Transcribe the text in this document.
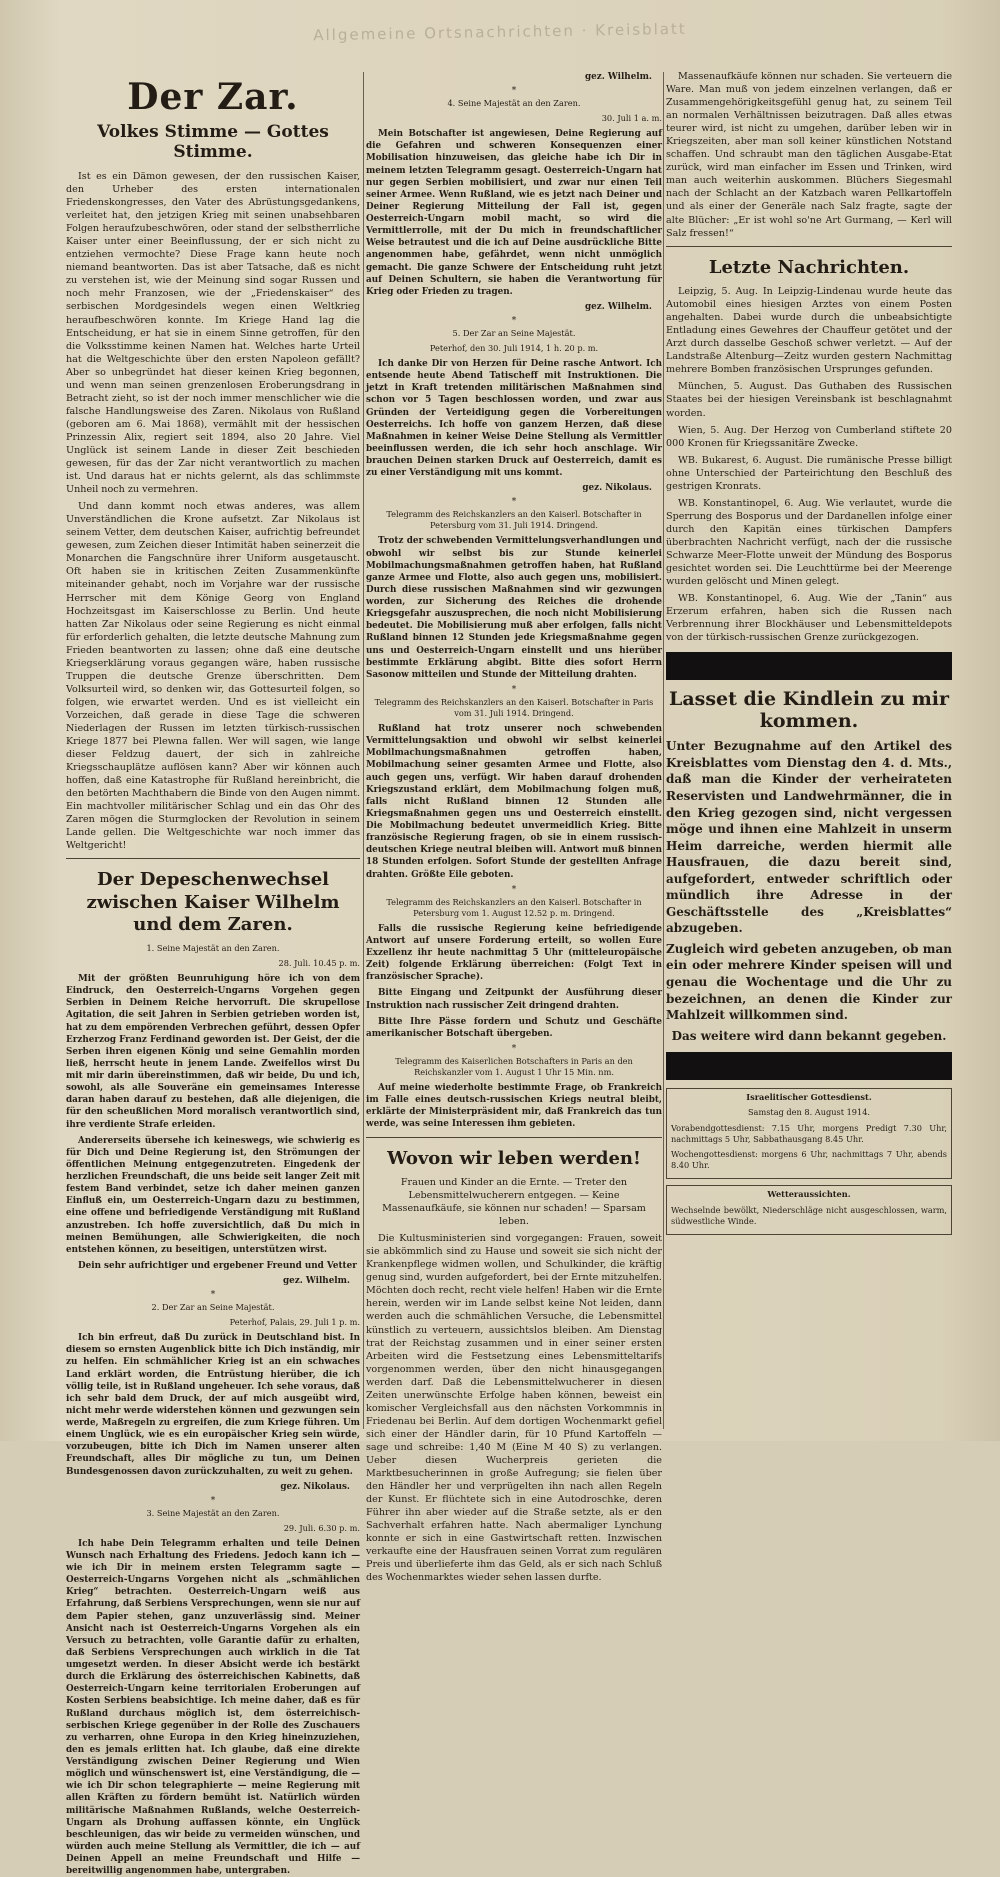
Allgemeine Ortsnachrichten · Kreisblatt
Der Zar.
Volkes Stimme — Gottes Stimme.

Ist es ein Dämon gewesen, der den russischen Kaiser, den Urheber des ersten internationalen Friedenskongresses, den Vater des Abrüstungsgedankens, verleitet hat, den jetzigen Krieg mit seinen unabsehbaren Folgen heraufzubeschwören, oder stand der selbstherrliche Kaiser unter einer Beeinflussung, der er sich nicht zu entziehen vermochte? Diese Frage kann heute noch niemand beantworten. Das ist aber Tatsache, daß es nicht zu verstehen ist, wie der Meinung sind sogar Russen und noch mehr Franzosen, wie der „Friedenskaiser“ des serbischen Mordgesindels wegen einen Weltkrieg heraufbeschwören konnte. Im Kriege Hand lag die Entscheidung, er hat sie in einem Sinne getroffen, für den die Volksstimme keinen Namen hat. Welches harte Urteil hat die Weltgeschichte über den ersten Napoleon gefällt? Aber so unbegründet hat dieser keinen Krieg begonnen, und wenn man seinen grenzenlosen Eroberungsdrang in Betracht zieht, so ist der noch immer menschlicher wie die falsche Handlungsweise des Zaren. Nikolaus von Rußland (geboren am 6. Mai 1868), vermählt mit der hessischen Prinzessin Alix, regiert seit 1894, also 20 Jahre. Viel Unglück ist seinem Lande in dieser Zeit beschieden gewesen, für das der Zar nicht verantwortlich zu machen ist. Und daraus hat er nichts gelernt, als das schlimmste Unheil noch zu vermehren.

Und dann kommt noch etwas anderes, was allem Unverständlichen die Krone aufsetzt. Zar Nikolaus ist seinem Vetter, dem deutschen Kaiser, aufrichtig befreundet gewesen, zum Zeichen dieser Intimität haben seinerzeit die Monarchen die Fangschnüre ihrer Uniform ausgetauscht. Oft haben sie in kritischen Zeiten Zusammenkünfte miteinander gehabt, noch im Vorjahre war der russische Herrscher mit dem Könige Georg von England Hochzeitsgast im Kaiserschlosse zu Berlin. Und heute hatten Zar Nikolaus oder seine Regierung es nicht einmal für erforderlich gehalten, die letzte deutsche Mahnung zum Frieden beantworten zu lassen; ohne daß eine deutsche Kriegserklärung voraus gegangen wäre, haben russische Truppen die deutsche Grenze überschritten. Dem Volksurteil wird, so denken wir, das Gottesurteil folgen, so folgen, wie erwartet werden. Und es ist vielleicht ein Vorzeichen, daß gerade in diese Tage die schweren Niederlagen der Russen im letzten türkisch-russischen Kriege 1877 bei Plewna fallen. Wer will sagen, wie lange dieser Feldzug dauert, der sich in zahlreiche Kriegsschauplätze auflösen kann? Aber wir können auch hoffen, daß eine Katastrophe für Rußland hereinbricht, die den betörten Machthabern die Binde von den Augen nimmt. Ein machtvoller militärischer Schlag und ein das Ohr des Zaren mögen die Sturmglocken der Revolution in seinem Lande gellen. Die Weltgeschichte war noch immer das Weltgericht!

Der Depeschenwechsel zwischen Kaiser Wilhelm und dem Zaren.

1. Seine Majestät an den Zaren.

28. Juli. 10.45 p. m.

Mit der größten Beunruhigung höre ich von dem Eindruck, den Oesterreich-Ungarns Vorgehen gegen Serbien in Deinem Reiche hervorruft. Die skrupellose Agitation, die seit Jahren in Serbien getrieben worden ist, hat zu dem empörenden Verbrechen geführt, dessen Opfer Erzherzog Franz Ferdinand geworden ist. Der Geist, der die Serben ihren eigenen König und seine Gemahlin morden ließ, herrscht heute in jenem Lande. Zweifellos wirst Du mit mir darin übereinstimmen, daß wir beide, Du und ich, sowohl, als alle Souveräne ein gemeinsames Interesse daran haben darauf zu bestehen, daß alle diejenigen, die für den scheußlichen Mord moralisch verantwortlich sind, ihre verdiente Strafe erleiden.

Andererseits übersehe ich keineswegs, wie schwierig es für Dich und Deine Regierung ist, den Strömungen der öffentlichen Meinung entgegenzutreten. Eingedenk der herzlichen Freundschaft, die uns beide seit langer Zeit mit festem Band verbindet, setze ich daher meinen ganzen Einfluß ein, um Oesterreich-Ungarn dazu zu bestimmen, eine offene und befriedigende Verständigung mit Rußland anzustreben. Ich hoffe zuversichtlich, daß Du mich in meinen Bemühungen, alle Schwierigkeiten, die noch entstehen können, zu beseitigen, unterstützen wirst.

Dein sehr aufrichtiger und ergebener Freund und Vetter

gez. Wilhelm.
*

2. Der Zar an Seine Majestät.

Peterhof, Palais, 29. Juli 1 p. m.

Ich bin erfreut, daß Du zurück in Deutschland bist. In diesem so ernsten Augenblick bitte ich Dich inständig, mir zu helfen. Ein schmählicher Krieg ist an ein schwaches Land erklärt worden, die Entrüstung hierüber, die ich völlig teile, ist in Rußland ungeheuer. Ich sehe voraus, daß ich sehr bald dem Druck, der auf mich ausgeübt wird, nicht mehr werde widerstehen können und gezwungen sein werde, Maßregeln zu ergreifen, die zum Kriege führen. Um einem Unglück, wie es ein europäischer Krieg sein würde, vorzubeugen, bitte ich Dich im Namen unserer alten Freundschaft, alles Dir mögliche zu tun, um Deinen Bundesgenossen davon zurückzuhalten, zu weit zu gehen.

gez. Nikolaus.
*

3. Seine Majestät an den Zaren.

29. Juli. 6.30 p. m.

Ich habe Dein Telegramm erhalten und teile Deinen Wunsch nach Erhaltung des Friedens. Jedoch kann ich — wie ich Dir in meinem ersten Telegramm sagte — Oesterreich-Ungarns Vorgehen nicht als „schmählichen Krieg“ betrachten. Oesterreich-Ungarn weiß aus Erfahrung, daß Serbiens Versprechungen, wenn sie nur auf dem Papier stehen, ganz unzuverlässig sind. Meiner Ansicht nach ist Oesterreich-Ungarns Vorgehen als ein Versuch zu betrachten, volle Garantie dafür zu erhalten, daß Serbiens Versprechungen auch wirklich in die Tat umgesetzt werden. In dieser Absicht werde ich bestärkt durch die Erklärung des österreichischen Kabinetts, daß Oesterreich-Ungarn keine territorialen Eroberungen auf Kosten Serbiens beabsichtige. Ich meine daher, daß es für Rußland durchaus möglich ist, dem österreichisch-serbischen Kriege gegenüber in der Rolle des Zuschauers zu verharren, ohne Europa in den Krieg hineinzuziehen, den es jemals erlitten hat. Ich glaube, daß eine direkte Verständigung zwischen Deiner Regierung und Wien möglich und wünschenswert ist, eine Verständigung, die — wie ich Dir schon telegraphierte — meine Regierung mit allen Kräften zu fördern bemüht ist. Natürlich würden militärische Maßnahmen Rußlands, welche Oesterreich-Ungarn als Drohung auffassen könnte, ein Unglück beschleunigen, das wir beide zu vermeiden wünschen, und würden auch meine Stellung als Vermittler, die ich — auf Deinen Appell an meine Freundschaft und Hilfe — bereitwillig angenommen habe, untergraben.

gez. Wilhelm.
*

4. Seine Majestät an den Zaren.

30. Juli 1 a. m.

Mein Botschafter ist angewiesen, Deine Regierung auf die Gefahren und schweren Konsequenzen einer Mobilisation hinzuweisen, das gleiche habe ich Dir in meinem letzten Telegramm gesagt. Oesterreich-Ungarn hat nur gegen Serbien mobilisiert, und zwar nur einen Teil seiner Armee. Wenn Rußland, wie es jetzt nach Deiner und Deiner Regierung Mitteilung der Fall ist, gegen Oesterreich-Ungarn mobil macht, so wird die Vermittlerrolle, mit der Du mich in freundschaftlicher Weise betrautest und die ich auf Deine ausdrückliche Bitte angenommen habe, gefährdet, wenn nicht unmöglich gemacht. Die ganze Schwere der Entscheidung ruht jetzt auf Deinen Schultern, sie haben die Verantwortung für Krieg oder Frieden zu tragen.

gez. Wilhelm.
*

5. Der Zar an Seine Majestät.

Peterhof, den 30. Juli 1914, 1 h. 20 p. m.

Ich danke Dir von Herzen für Deine rasche Antwort. Ich entsende heute Abend Tatischeff mit Instruktionen. Die jetzt in Kraft tretenden militärischen Maßnahmen sind schon vor 5 Tagen beschlossen worden, und zwar aus Gründen der Verteidigung gegen die Vorbereitungen Oesterreichs. Ich hoffe von ganzem Herzen, daß diese Maßnahmen in keiner Weise Deine Stellung als Vermittler beeinflussen werden, die ich sehr hoch anschlage. Wir brauchen Deinen starken Druck auf Oesterreich, damit es zu einer Verständigung mit uns kommt.

gez. Nikolaus.
*

Telegramm des Reichskanzlers an den Kaiserl. Botschafter in Petersburg vom 31. Juli 1914. Dringend.

Trotz der schwebenden Vermittelungsverhandlungen und obwohl wir selbst bis zur Stunde keinerlei Mobilmachungsmaßnahmen getroffen haben, hat Rußland ganze Armee und Flotte, also auch gegen uns, mobilisiert. Durch diese russischen Maßnahmen sind wir gezwungen worden, zur Sicherung des Reiches die drohende Kriegsgefahr auszusprechen, die noch nicht Mobilisierung bedeutet. Die Mobilisierung muß aber erfolgen, falls nicht Rußland binnen 12 Stunden jede Kriegsmaßnahme gegen uns und Oesterreich-Ungarn einstellt und uns hierüber bestimmte Erklärung abgibt. Bitte dies sofort Herrn Sasonow mitteilen und Stunde der Mitteilung drahten.

*

Telegramm des Reichskanzlers an den Kaiserl. Botschafter in Paris vom 31. Juli 1914. Dringend.

Rußland hat trotz unserer noch schwebenden Vermittelungsaktion und obwohl wir selbst keinerlei Mobilmachungsmaßnahmen getroffen haben, Mobilmachung seiner gesamten Armee und Flotte, also auch gegen uns, verfügt. Wir haben darauf drohenden Kriegszustand erklärt, dem Mobilmachung folgen muß, falls nicht Rußland binnen 12 Stunden alle Kriegsmaßnahmen gegen uns und Oesterreich einstellt. Die Mobilmachung bedeutet unvermeidlich Krieg. Bitte französische Regierung fragen, ob sie in einem russisch-deutschen Kriege neutral bleiben will. Antwort muß binnen 18 Stunden erfolgen. Sofort Stunde der gestellten Anfrage drahten. Größte Eile geboten.

*

Telegramm des Reichskanzlers an den Kaiserl. Botschafter in Petersburg vom 1. August 12.52 p. m. Dringend.

Falls die russische Regierung keine befriedigende Antwort auf unsere Forderung erteilt, so wollen Eure Exzellenz ihr heute nachmittag 5 Uhr (mitteleuropäische Zeit) folgende Erklärung überreichen: (Folgt Text in französischer Sprache).

Bitte Eingang und Zeitpunkt der Ausführung dieser Instruktion nach russischer Zeit dringend drahten.

Bitte Ihre Pässe fordern und Schutz und Geschäfte amerikanischer Botschaft übergeben.

*

Telegramm des Kaiserlichen Botschafters in Paris an den Reichskanzler vom 1. August 1 Uhr 15 Min. nm.

Auf meine wiederholte bestimmte Frage, ob Frankreich im Falle eines deutsch-russischen Kriegs neutral bleibt, erklärte der Ministerpräsident mir, daß Frankreich das tun werde, was seine Interessen ihm gebieten.

Wovon wir leben werden!

Frauen und Kinder an die Ernte. — Treter den Lebensmittelwucherern entgegen. — Keine Massenaufkäufe, sie können nur schaden! — Sparsam leben.

Die Kultusministerien sind vorgegangen: Frauen, soweit sie abkömmlich sind zu Hause und soweit sie sich nicht der Krankenpflege widmen wollen, und Schulkinder, die kräftig genug sind, wurden aufgefordert, bei der Ernte mitzuhelfen. Möchten doch recht, recht viele helfen! Haben wir die Ernte herein, werden wir im Lande selbst keine Not leiden, dann werden auch die schmählichen Versuche, die Lebensmittel künstlich zu verteuern, aussichtslos bleiben. Am Dienstag trat der Reichstag zusammen und in einer seiner ersten Arbeiten wird die Festsetzung eines Lebensmitteltarifs vorgenommen werden, über den nicht hinausgegangen werden darf. Daß die Lebensmittelwucherer in diesen Zeiten unerwünschte Erfolge haben können, beweist ein komischer Vergleichsfall aus den nächsten Vorkommnis in Friedenau bei Berlin. Auf dem dortigen Wochenmarkt gefiel sich einer der Händler darin, für 10 Pfund Kartoffeln — sage und schreibe: 1,40 M (Eine M 40 S) zu verlangen. Ueber diesen Wucherpreis gerieten die Marktbesucherinnen in große Aufregung; sie fielen über den Händler her und verprügelten ihn nach allen Regeln der Kunst. Er flüchtete sich in eine Autodroschke, deren Führer ihn aber wieder auf die Straße setzte, als er den Sachverhalt erfahren hatte. Nach abermaliger Lynchung konnte er sich in eine Gastwirtschaft retten. Inzwischen verkaufte eine der Hausfrauen seinen Vorrat zum regulären Preis und überlieferte ihm das Geld, als er sich nach Schluß des Wochenmarktes wieder sehen lassen durfte.

Massenaufkäufe können nur schaden. Sie verteuern die Ware. Man muß von jedem einzelnen verlangen, daß er Zusammengehörigkeitsgefühl genug hat, zu seinem Teil an normalen Verhältnissen beizutragen. Daß alles etwas teurer wird, ist nicht zu umgehen, darüber leben wir in Kriegszeiten, aber man soll keiner künstlichen Notstand schaffen. Und schraubt man den täglichen Ausgabe-Etat zurück, wird man einfacher im Essen und Trinken, wird man auch weiterhin auskommen. Blüchers Siegesmahl nach der Schlacht an der Katzbach waren Pellkartoffeln und als einer der Generäle nach Salz fragte, sagte der alte Blücher: „Er ist wohl so'ne Art Gurmang, — Kerl will Salz fressen!“

Letzte Nachrichten.

Leipzig, 5. Aug. In Leipzig-Lindenau wurde heute das Automobil eines hiesigen Arztes von einem Posten angehalten. Dabei wurde durch die unbeabsichtigte Entladung eines Gewehres der Chauffeur getötet und der Arzt durch dasselbe Geschoß schwer verletzt. — Auf der Landstraße Altenburg—Zeitz wurden gestern Nachmittag mehrere Bomben französischen Ursprunges gefunden.

München, 5. August. Das Guthaben des Russischen Staates bei der hiesigen Vereinsbank ist beschlagnahmt worden.

Wien, 5. Aug. Der Herzog von Cumberland stiftete 20 000 Kronen für Kriegssanitäre Zwecke.

WB. Bukarest, 6. August. Die rumänische Presse billigt ohne Unterschied der Parteirichtung den Beschluß des gestrigen Kronrats.

WB. Konstantinopel, 6. Aug. Wie verlautet, wurde die Sperrung des Bosporus und der Dardanellen infolge einer durch den Kapitän eines türkischen Dampfers überbrachten Nachricht verfügt, nach der die russische Schwarze Meer-Flotte unweit der Mündung des Bosporus gesichtet worden sei. Die Leuchttürme bei der Meerenge wurden gelöscht und Minen gelegt.

WB. Konstantinopel, 6. Aug. Wie der „Tanin“ aus Erzerum erfahren, haben sich die Russen nach Verbrennung ihrer Blockhäuser und Lebensmitteldepots von der türkisch-russischen Grenze zurückgezogen.

Lasset die Kindlein zu mir kommen.

Unter Bezugnahme auf den Artikel des Kreisblattes vom Dienstag den 4. d. Mts., daß man die Kinder der verheirateten Reservisten und Landwehrmänner, die in den Krieg gezogen sind, nicht vergessen möge und ihnen eine Mahlzeit in unserm Heim darreiche, werden hiermit alle Hausfrauen, die dazu bereit sind, aufgefordert, entweder schriftlich oder mündlich ihre Adresse in der Geschäftsstelle des „Kreisblattes“ abzugeben.

Zugleich wird gebeten anzugeben, ob man ein oder mehrere Kinder speisen will und genau die Wochentage und die Uhr zu bezeichnen, an denen die Kinder zur Mahlzeit willkommen sind.

Das weitere wird dann bekannt gegeben.

Israelitischer Gottesdienst.

Samstag den 8. August 1914.

Vorabendgottesdienst: 7.15 Uhr, morgens Predigt 7.30 Uhr, nachmittags 5 Uhr, Sabbathausgang 8.45 Uhr.

Wochengottesdienst: morgens 6 Uhr, nachmittags 7 Uhr, abends 8.40 Uhr.

Wetteraussichten.

Wechselnde bewölkt, Niederschläge nicht ausgeschlossen, warm, südwestliche Winde.
